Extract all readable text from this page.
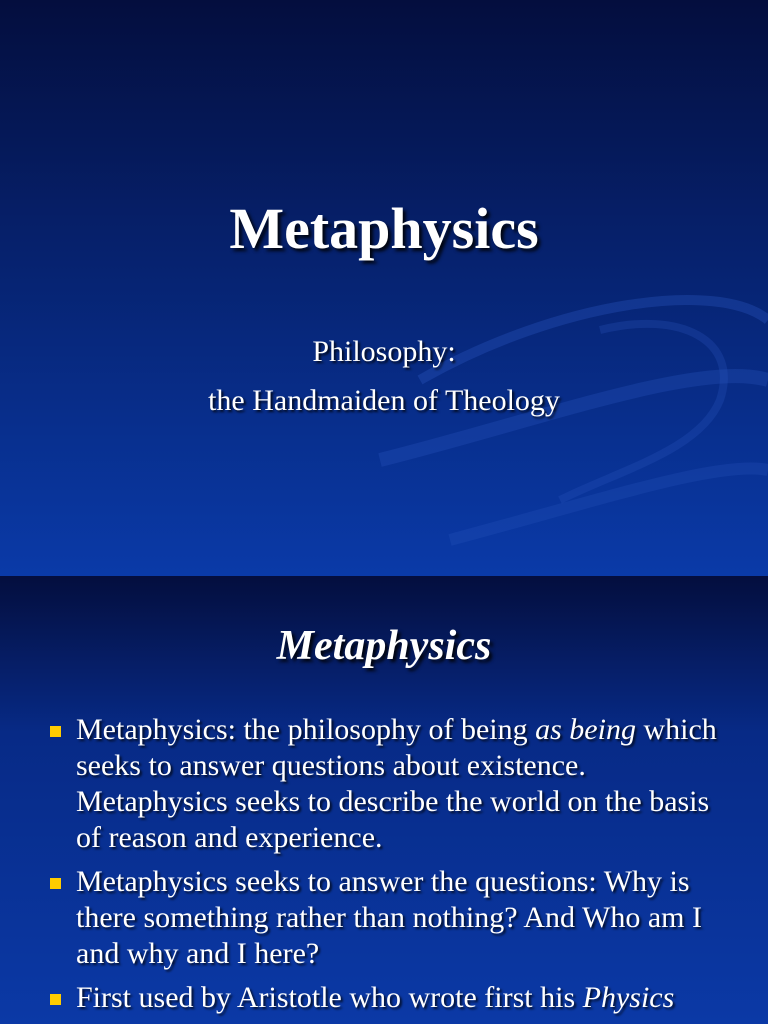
Metaphysics
Philosophy:
the Handmaiden of Theology
Metaphysics
Metaphysics: the philosophy of being as being which seeks to answer questions about existence. Metaphysics seeks to describe the world on the basis of reason and experience.
Metaphysics seeks to answer the questions: Why is there something rather than nothing? And Who am I and why and I here?
First used by Aristotle who wrote first his Physics
